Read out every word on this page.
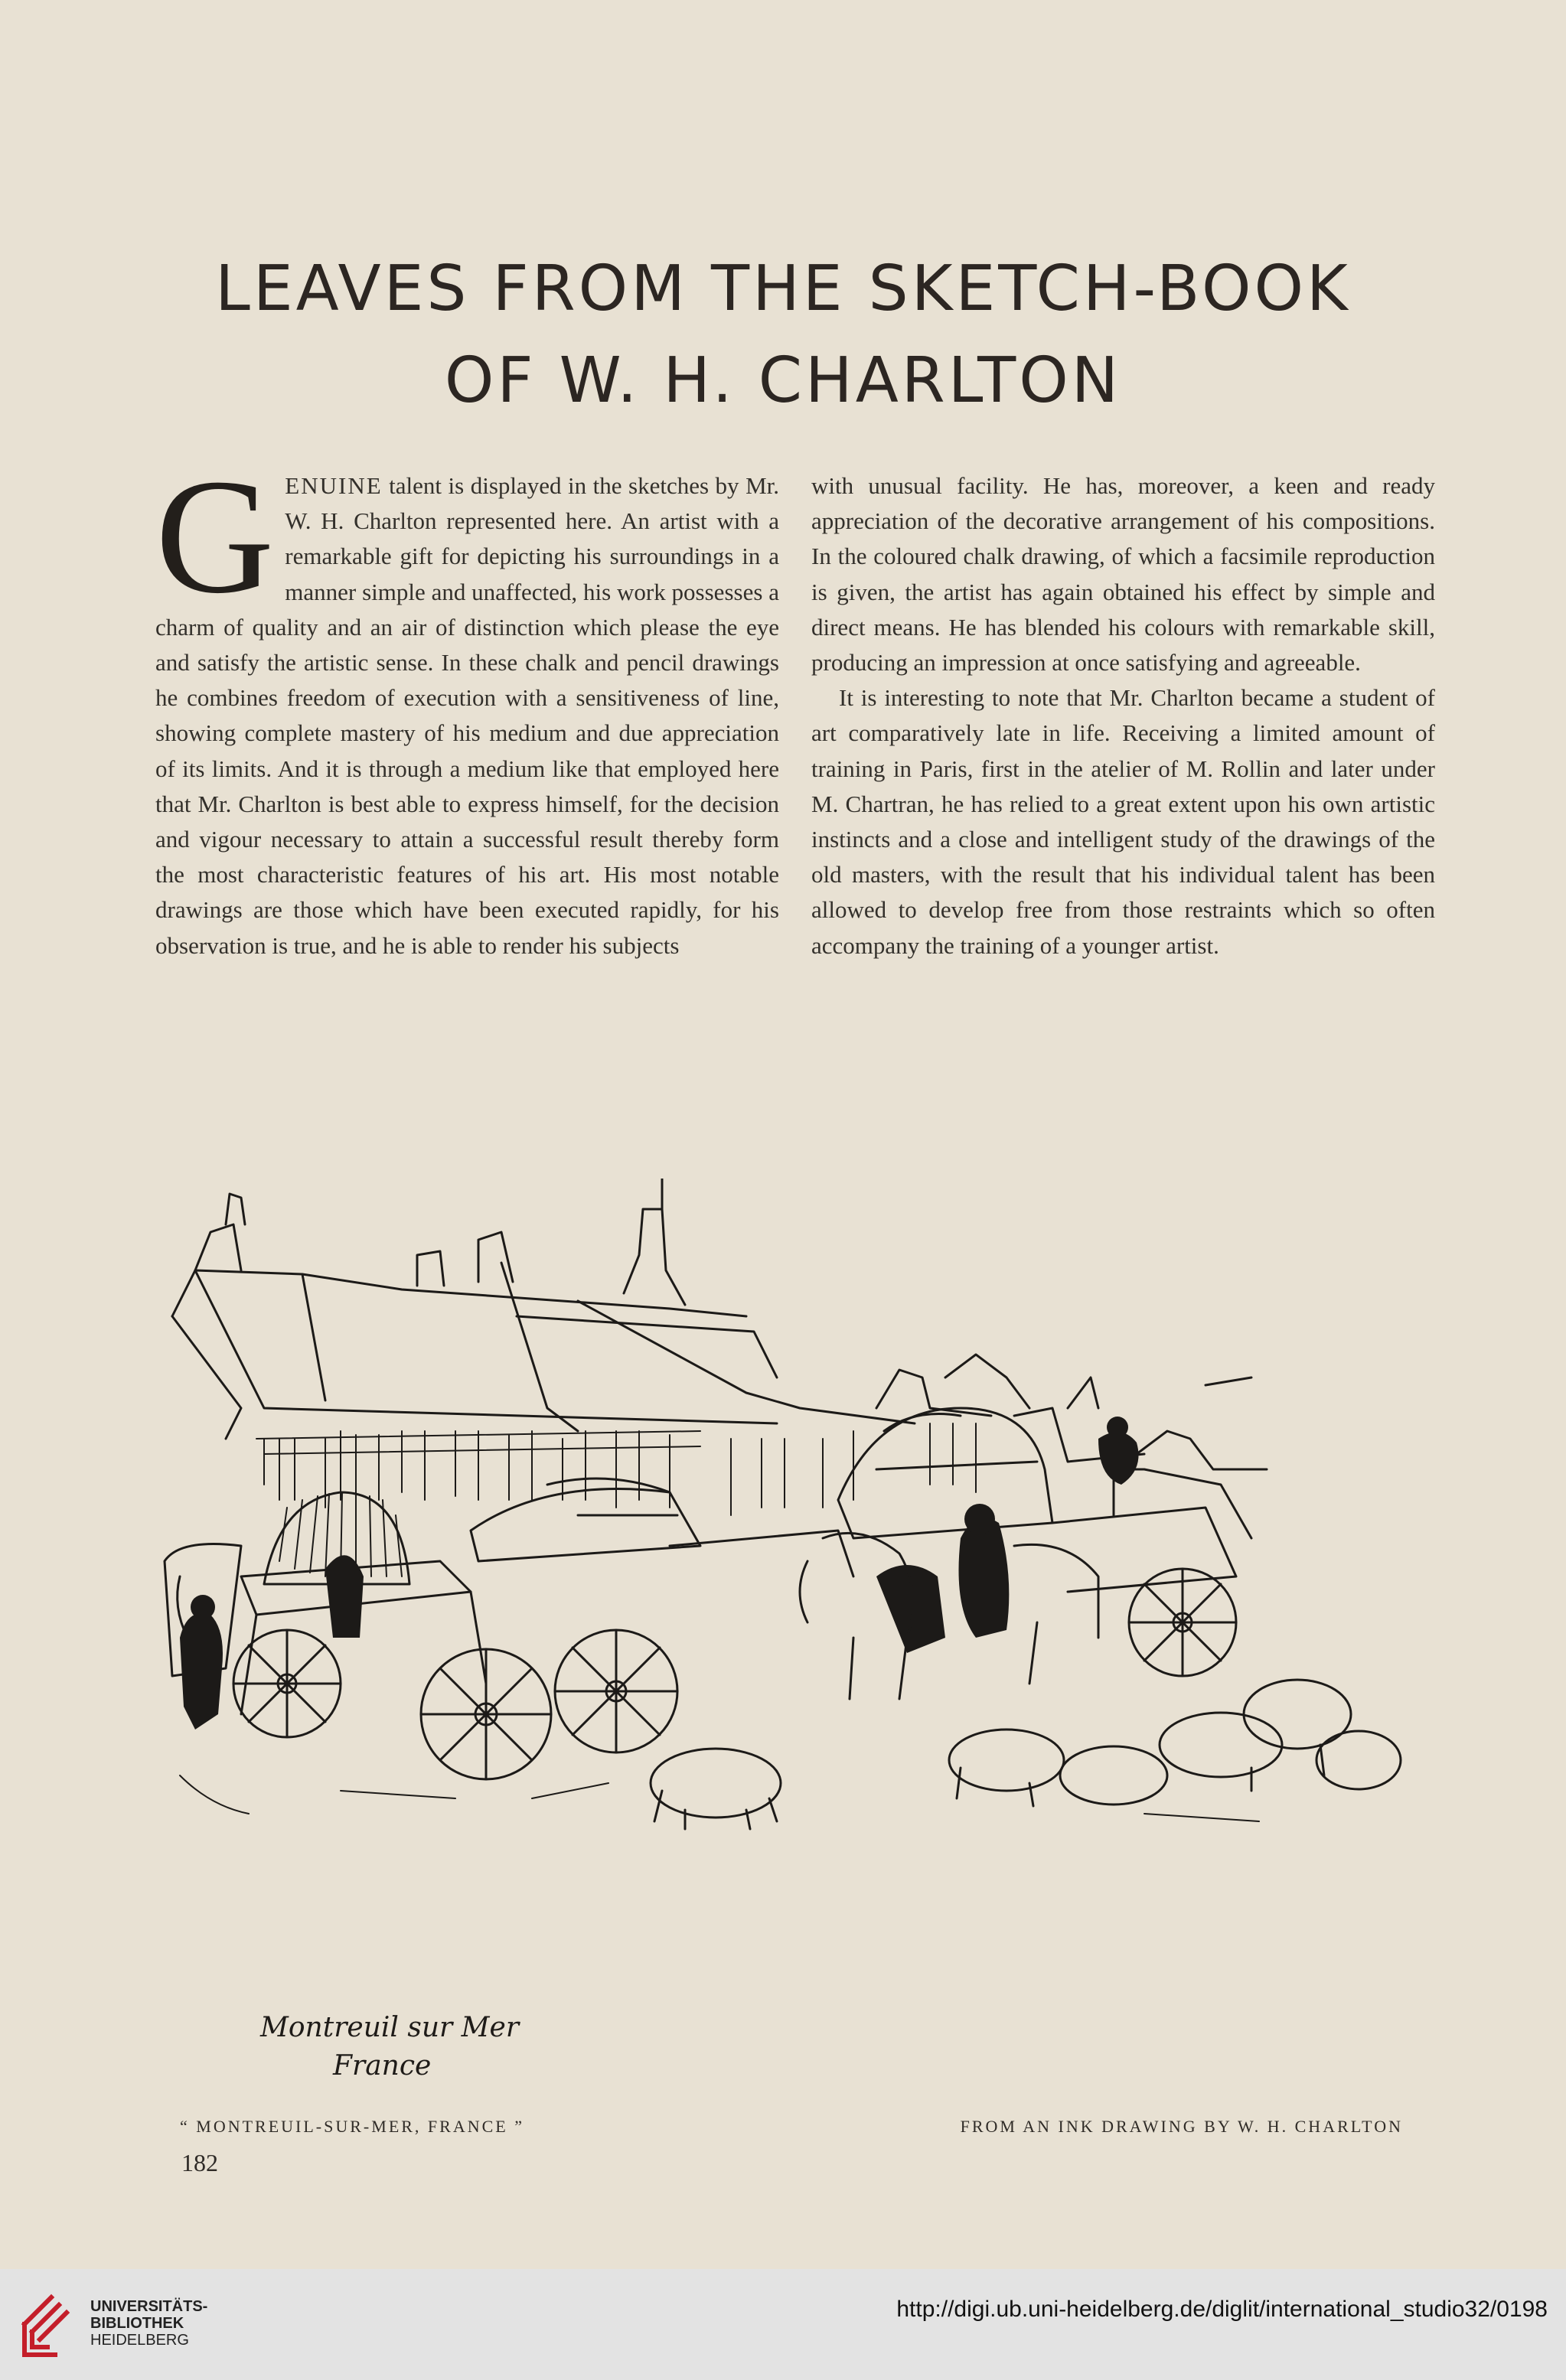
LEAVES FROM THE SKETCH-BOOK
OF W. H. CHARLTON

GENUINE talent is displayed in the sketches by Mr. W. H. Charlton represented here. An artist with a remarkable gift for depicting his surroundings in a manner simple and unaffected, his work possesses a charm of quality and an air of distinction which please the eye and satisfy the artistic sense. In these chalk and pencil drawings he combines freedom of execution with a sensitiveness of line, showing complete mastery of his medium and due appreciation of its limits. And it is through a medium like that employed here that Mr. Charlton is best able to express himself, for the decision and vigour necessary to attain a successful result thereby form the most characteristic features of his art. His most notable drawings are those which have been executed rapidly, for his observation is true, and he is able to render his subjects

with unusual facility. He has, moreover, a keen and ready appreciation of the decorative arrangement of his compositions. In the coloured chalk drawing, of which a facsimile reproduction is given, the artist has again obtained his effect by simple and direct means. He has blended his colours with remarkable skill, producing an impression at once satisfying and agreeable.

It is interesting to note that Mr. Charlton became a student of art comparatively late in life. Receiving a limited amount of training in Paris, first in the atelier of M. Rollin and later under M. Chartran, he has relied to a great extent upon his own artistic instincts and a close and intelligent study of the drawings of the old masters, with the result that his individual talent has been allowed to develop free from those restraints which so often accompany the training of a younger artist.

Montreuil sur Mer
France
“ MONTREUIL-SUR-MER, FRANCE ”	FROM AN INK DRAWING BY W. H. CHARLTON
182
UNIVERSITÄTS-
BIBLIOTHEK
HEIDELBERG
http://digi.ub.uni-heidelberg.de/diglit/international_studio32/0198
